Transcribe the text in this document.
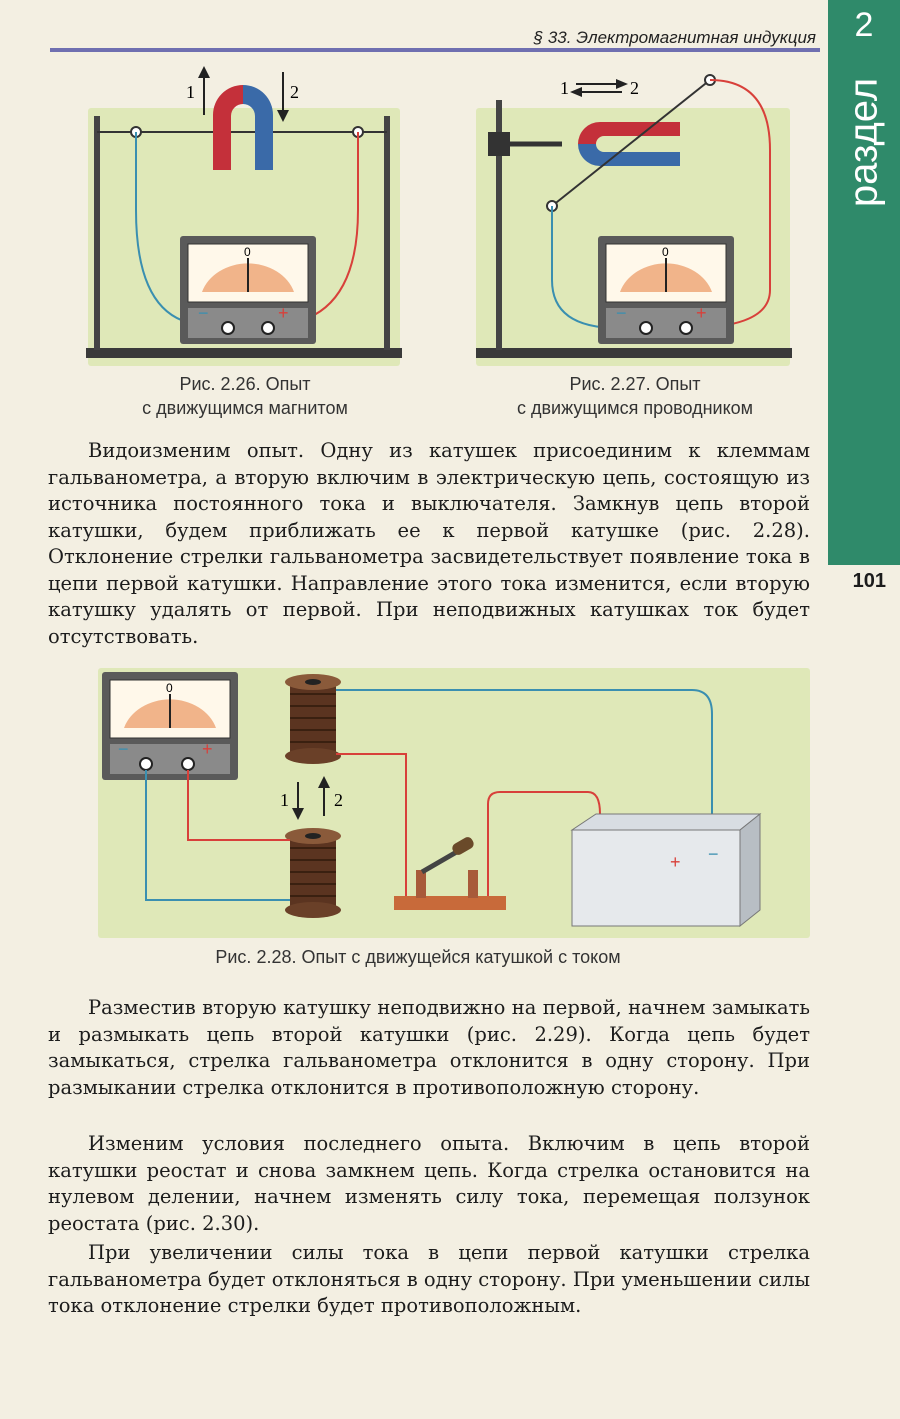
§ 33. Электромагнитная индукция	2
раздел
101
1	2
0
−	+
Рис. 2.26. Опыт
с движущимся магнитом
1	2
0
−	+
Рис. 2.27. Опыт
с движущимся проводником
Видоизменим опыт. Одну из катушек присоединим к клеммам гальванометра, а вторую включим в электрическую цепь, состоящую из источника постоянного тока и выключателя. Замкнув цепь второй катушки, будем приближать ее к первой катушке (рис. 2.28). Отклонение стрелки гальванометра засвидетельствует появление тока в цепи первой катушки. Направление этого тока изменится, если вторую катушку удалять от первой. При неподвижных катушках ток будет отсутствовать.
0
−	+
1	2
+ −
Рис. 2.28. Опыт с движущейся катушкой с током
Разместив вторую катушку неподвижно на первой, начнем замыкать и размыкать цепь второй катушки (рис. 2.29). Когда цепь будет замыкаться, стрелка гальванометра отклонится в одну сторону. При размыкании стрелка отклонится в противоположную сторону.
Изменим условия последнего опыта. Включим в цепь второй катушки реостат и снова замкнем цепь. Когда стрелка остановится на нулевом делении, начнем изменять силу тока, перемещая ползунок реостата (рис. 2.30).
При увеличении силы тока в цепи первой катушки стрелка гальванометра будет отклоняться в одну сторону. При уменьшении силы тока отклонение стрелки будет противоположным.
